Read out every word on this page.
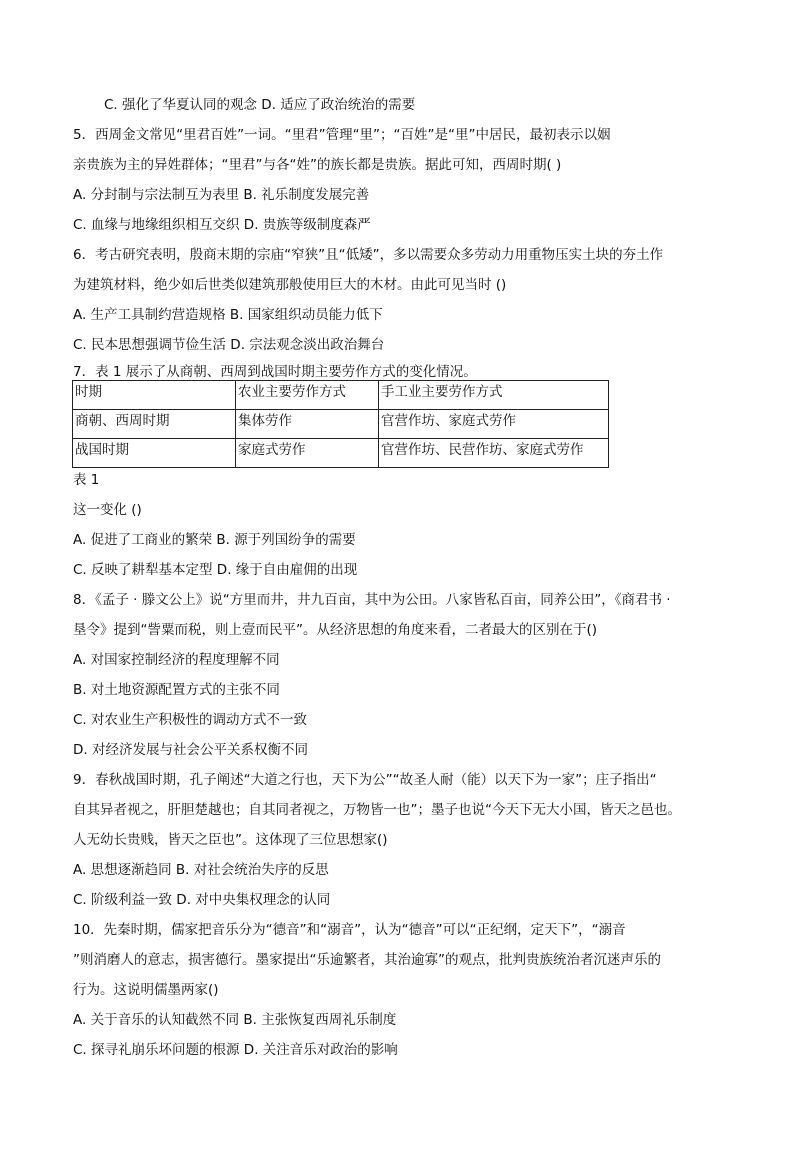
C. 强化了华夏认同的观念 D. 适应了政治统治的需要
5．西周金文常见“里君百姓”一词。“里君”管理“里”；“百姓”是“里”中居民，最初表示以姻
亲贵族为主的异姓群体；“里君”与各“姓”的族长都是贵族。据此可知，西周时期( )
A. 分封制与宗法制互为表里 B. 礼乐制度发展完善
C. 血缘与地缘组织相互交织 D. 贵族等级制度森严
6．考古研究表明，殷商末期的宗庙“窄狭”且“低矮”，多以需要众多劳动力用重物压实土块的夯土作
为建筑材料，绝少如后世类似建筑那般使用巨大的木材。由此可见当时 ()
A. 生产工具制约营造规格 B. 国家组织动员能力低下
C. 民本思想强调节俭生活 D. 宗法观念淡出政治舞台
7．表 1 展示了从商朝、西周到战国时期主要劳作方式的变化情况。
时期	农业主要劳作方式	手工业主要劳作方式
商朝、西周时期	集体劳作	官营作坊、家庭式劳作
战国时期	家庭式劳作	官营作坊、民营作坊、家庭式劳作
表 1
这一变化 ()
A. 促进了工商业的繁荣 B. 源于列国纷争的需要
C. 反映了耕犁基本定型 D. 缘于自由雇佣的出现
8．《孟子 · 滕文公上》说“方里而井，井九百亩，其中为公田。八家皆私百亩，同养公田”，《商君书 ·
垦令》提到“訾粟而税，则上壹而民平”。从经济思想的角度来看，二者最大的区别在于()
A. 对国家控制经济的程度理解不同
B. 对土地资源配置方式的主张不同
C. 对农业生产积极性的调动方式不一致
D. 对经济发展与社会公平关系权衡不同
9．春秋战国时期，孔子阐述“大道之行也，天下为公”“故圣人耐（能）以天下为一家”；庄子指出“
自其异者视之，肝胆楚越也；自其同者视之，万物皆一也”；墨子也说“今天下无大小国，皆天之邑也。
人无幼长贵贱，皆天之臣也”。这体现了三位思想家()
A. 思想逐渐趋同 B. 对社会统治失序的反思
C. 阶级利益一致 D. 对中央集权理念的认同
10．先秦时期，儒家把音乐分为“德音”和“溺音”，认为“德音”可以“正纪纲，定天下”，“溺音
”则消磨人的意志，损害德行。墨家提出“乐逾繁者，其治逾寡”的观点，批判贵族统治者沉迷声乐的
行为。这说明儒墨两家()
A. 关于音乐的认知截然不同 B. 主张恢复西周礼乐制度
C. 探寻礼崩乐坏问题的根源 D. 关注音乐对政治的影响
